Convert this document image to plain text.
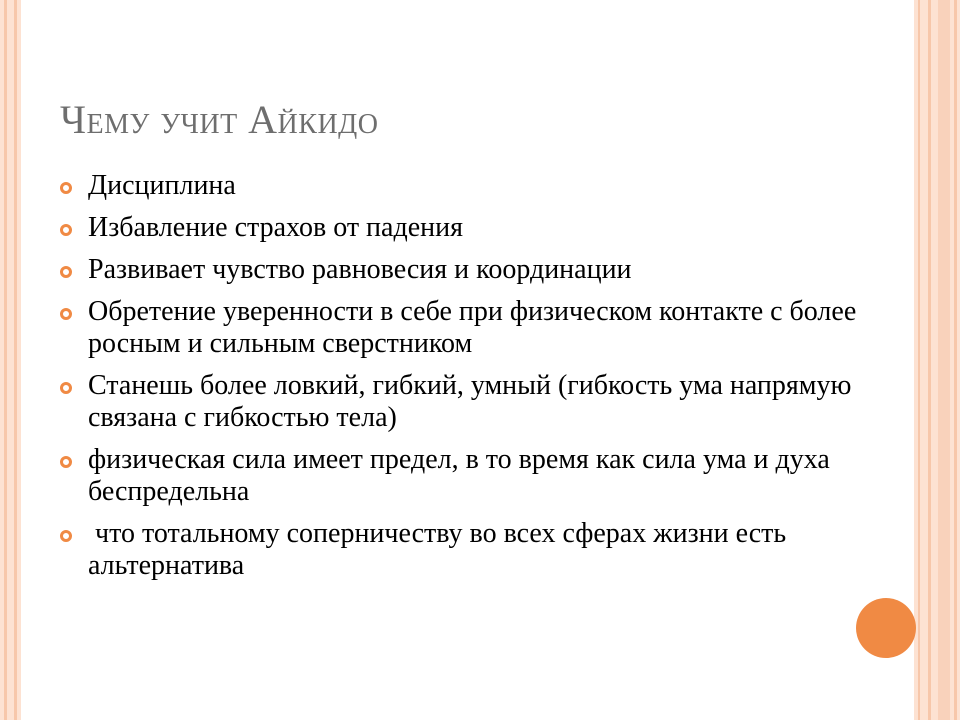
Чему учит Айкидо
Дисциплина
Избавление страхов от падения
Развивает чувство равновесия и координации
Обретение уверенности в себе при физическом контакте с более росным и сильным сверстником
Станешь более ловкий, гибкий, умный (гибкость ума напрямую связана с гибкостью тела)
физическая сила имеет предел, в то время как сила ума и духа беспредельна
что тотальному соперничеству во всех сферах жизни есть альтернатива
